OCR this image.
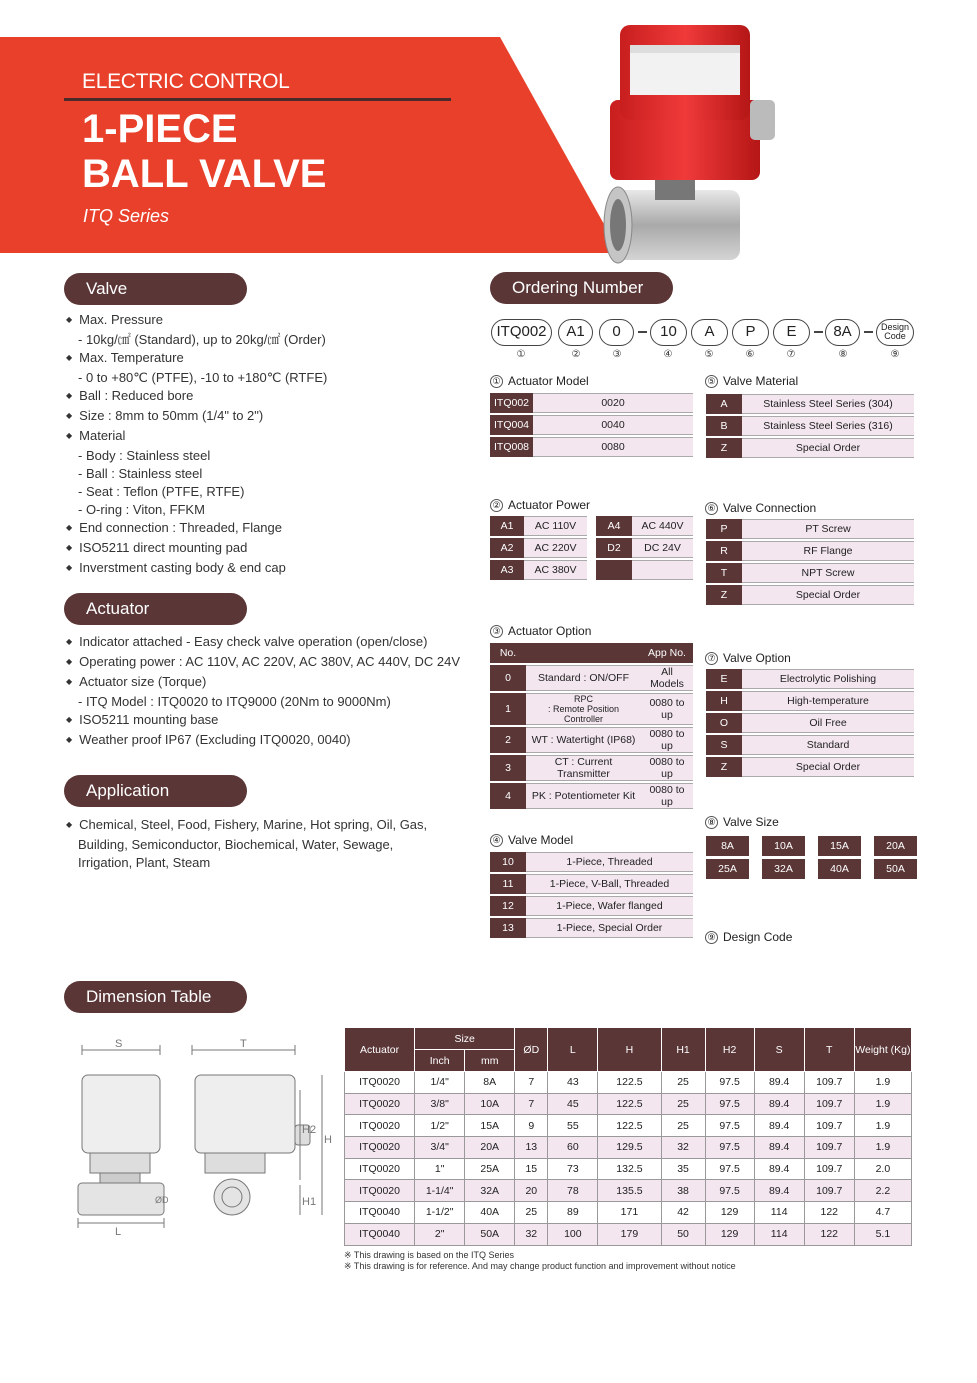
ELECTRIC CONTROL
1-PIECE
BALL VALVE
ITQ Series
Valve
◆ Max. Pressure
- 10kg/㎠ (Standard), up to 20kg/㎠ (Order)
◆ Max. Temperature
- 0 to +80℃ (PTFE), -10 to +180℃ (RTFE)
◆ Ball : Reduced bore
◆ Size : 8mm to 50mm (1/4" to 2")
◆ Material
- Body : Stainless steel
- Ball : Stainless steel
- Seat : Teflon (PTFE, RTFE)
- O-ring : Viton, FFKM
◆ End connection : Threaded, Flange
◆ ISO5211 direct mounting pad
◆ Inverstment casting body & end cap
Actuator
◆ Indicator attached - Easy check valve operation (open/close)
◆ Operating power : AC 110V, AC 220V, AC 380V, AC 440V, DC 24V
◆ Actuator size (Torque)
- ITQ Model : ITQ0020 to ITQ9000 (20Nm to 9000Nm)
◆ ISO5211 mounting base
◆ Weather proof IP67 (Excluding ITQ0020, 0040)
Application
◆ Chemical, Steel, Food, Fishery, Marine, Hot spring, Oil, Gas,
Building, Semiconductor, Biochemical, Water, Sewage,
Irrigation, Plant, Steam
Ordering Number
ITQ002	A1	0	10	A	P	E	8A	Design
Code
①	②	③	④	⑤	⑥	⑦	⑧	⑨
① Actuator Model
ITQ002	0020
ITQ004	0040
ITQ008	0080
② Actuator Power
A1	AC 110V
A2	AC 220V
A3	AC 380V
A4	AC 440V
D2	DC 24V

③ Actuator Option
No.		App No.
0	Standard : ON/OFF	All Models
1	RPC
: Remote Position Controller	0080 to up
2	WT : Watertight (IP68)	0080 to up
3	CT : Current Transmitter	0080 to up
4	PK : Potentiometer Kit	0080 to up
④ Valve Model
10	1-Piece, Threaded
11	1-Piece, V-Ball, Threaded
12	1-Piece, Wafer flanged
13	1-Piece, Special Order
⑤ Valve Material
A	Stainless Steel Series (304)
B	Stainless Steel Series (316)
Z	Special Order
⑥ Valve Connection
P	PT Screw
R	RF Flange
T	NPT Screw
Z	Special Order
⑦ Valve Option
E	Electrolytic Polishing
H	High-temperature
O	Oil Free
S	Standard
Z	Special Order
⑧ Valve Size
8A	10A	15A	20A
25A	32A	40A	50A
⑨ Design Code
Dimension Table
S	T
L
ØD
H
H2
H1
Actuator	Size		ØD	L	H	H1	H2	S	T	Weight (Kg)
	Inch	mm								
ITQ0020	1/4"	8A	7	43	122.5	25	97.5	89.4	109.7	1.9
ITQ0020	3/8"	10A	7	45	122.5	25	97.5	89.4	109.7	1.9
ITQ0020	1/2"	15A	9	55	122.5	25	97.5	89.4	109.7	1.9
ITQ0020	3/4"	20A	13	60	129.5	32	97.5	89.4	109.7	1.9
ITQ0020	1"	25A	15	73	132.5	35	97.5	89.4	109.7	2.0
ITQ0020	1-1/4"	32A	20	78	135.5	38	97.5	89.4	109.7	2.2
ITQ0040	1-1/2"	40A	25	89	171	42	129	114	122	4.7
ITQ0040	2"	50A	32	100	179	50	129	114	122	5.1
※ This drawing is based on the ITQ Series
※ This drawing is for reference. And may change product function and improvement without notice
